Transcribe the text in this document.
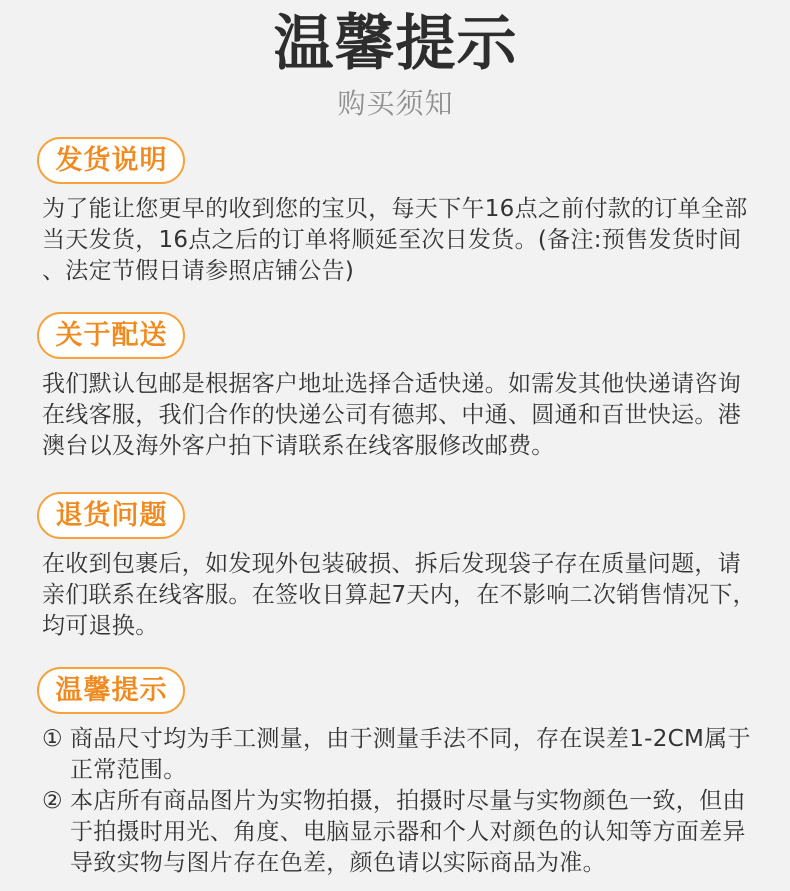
温馨提示
购买须知
发货说明
为了能让您更早的收到您的宝贝，每天下午16点之前付款的订单全部
当天发货，16点之后的订单将顺延至次日发货。(备注:预售发货时间
、法定节假日请参照店铺公告)
关于配送
我们默认包邮是根据客户地址选择合适快递。如需发其他快递请咨询
在线客服，我们合作的快递公司有德邦、中通、圆通和百世快运。港
澳台以及海外客户拍下请联系在线客服修改邮费。
退货问题
在收到包裹后，如发现外包装破损、拆后发现袋子存在质量问题，请
亲们联系在线客服。在签收日算起7天内，在不影响二次销售情况下，
均可退换。
温馨提示
① 商品尺寸均为手工测量，由于测量手法不同，存在误差1-2CM属于
正常范围。
② 本店所有商品图片为实物拍摄，拍摄时尽量与实物颜色一致，但由
于拍摄时用光、角度、电脑显示器和个人对颜色的认知等方面差异
导致实物与图片存在色差，颜色请以实际商品为准。
